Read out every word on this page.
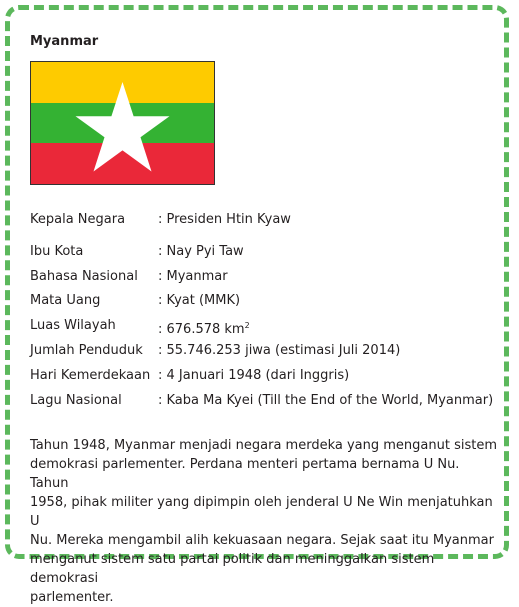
Myanmar
Kepala Negara	: Presiden Htin Kyaw
Ibu Kota	: Nay Pyi Taw
Bahasa Nasional	: Myanmar
Mata Uang	: Kyat (MMK)
Luas Wilayah	: 676.578 $km^2$
Jumlah Penduduk	: 55.746.253 jiwa (estimasi Juli 2014)
Hari Kemerdekaan : 4 Januari 1948 (dari Inggris)
Lagu Nasional	: Kaba Ma Kyei (Till the End of the World, Myanmar)
Tahun 1948, Myanmar menjadi negara merdeka yang menganut sistem
demokrasi parlementer. Perdana menteri pertama bernama U Nu. Tahun
1958, pihak militer yang dipimpin oleh jenderal U Ne Win menjatuhkan U
Nu. Mereka mengambil alih kekuasaan negara. Sejak saat itu Myanmar
menganut sistem satu partai politik dan meninggalkan sistem demokrasi
parlementer.
